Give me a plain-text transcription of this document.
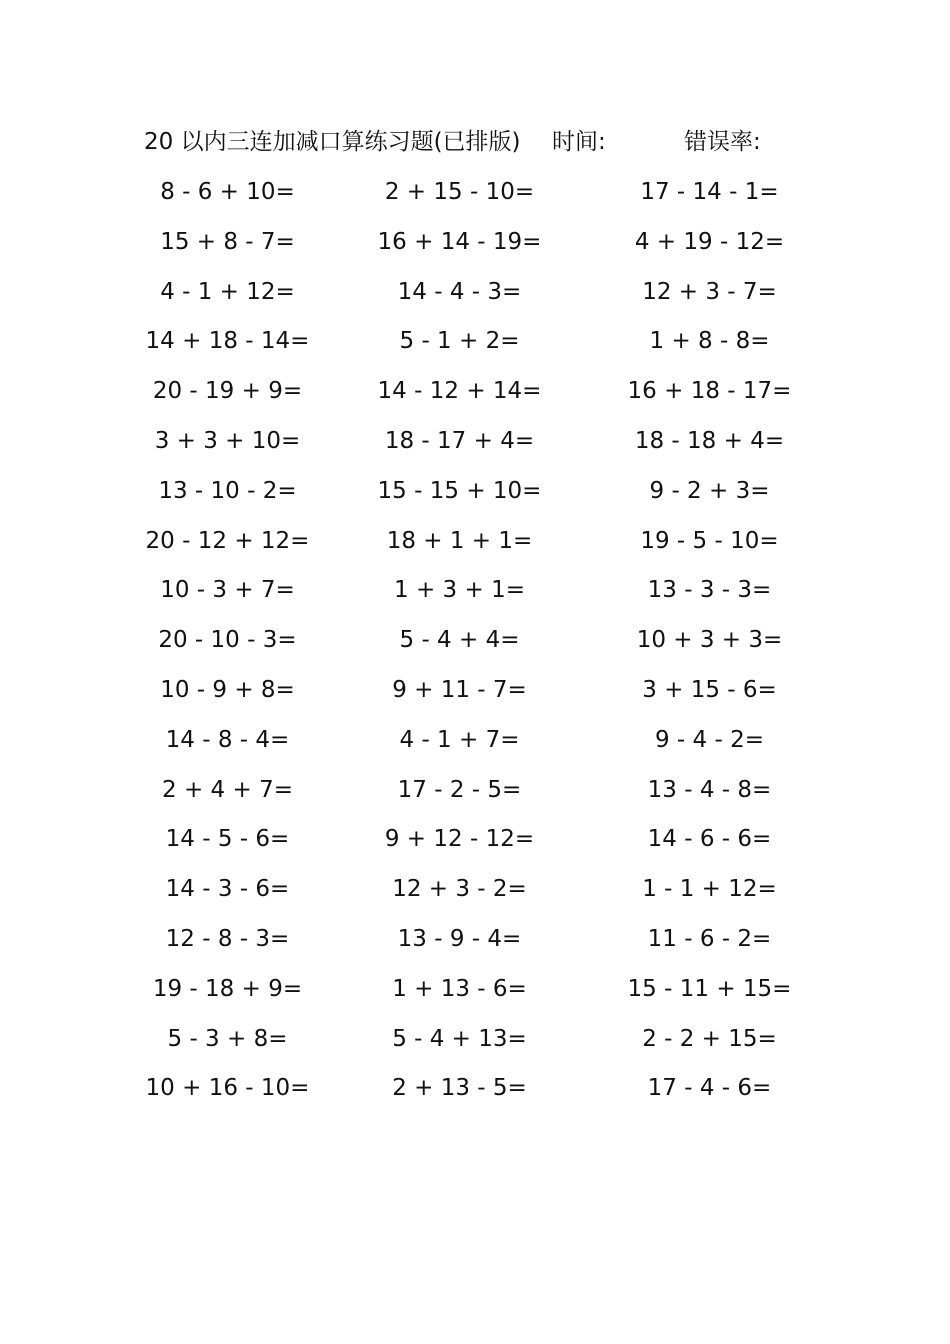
20 以内三连加减口算练习题(已排版) 时间:	错误率:
8 - 6 + 10=	2 + 15 - 10=	17 - 14 - 1=
15 + 8 - 7=	16 + 14 - 19=	4 + 19 - 12=
4 - 1 + 12=	14 - 4 - 3=	12 + 3 - 7=
14 + 18 - 14=	5 - 1 + 2=	1 + 8 - 8=
20 - 19 + 9=	14 - 12 + 14=	16 + 18 - 17=
3 + 3 + 10=	18 - 17 + 4=	18 - 18 + 4=
13 - 10 - 2=	15 - 15 + 10=	9 - 2 + 3=
20 - 12 + 12=	18 + 1 + 1=	19 - 5 - 10=
10 - 3 + 7=	1 + 3 + 1=	13 - 3 - 3=
20 - 10 - 3=	5 - 4 + 4=	10 + 3 + 3=
10 - 9 + 8=	9 + 11 - 7=	3 + 15 - 6=
14 - 8 - 4=	4 - 1 + 7=	9 - 4 - 2=
2 + 4 + 7=	17 - 2 - 5=	13 - 4 - 8=
14 - 5 - 6=	9 + 12 - 12=	14 - 6 - 6=
14 - 3 - 6=	12 + 3 - 2=	1 - 1 + 12=
12 - 8 - 3=	13 - 9 - 4=	11 - 6 - 2=
19 - 18 + 9=	1 + 13 - 6=	15 - 11 + 15=
5 - 3 + 8=	5 - 4 + 13=	2 - 2 + 15=
10 + 16 - 10=	2 + 13 - 5=	17 - 4 - 6=
